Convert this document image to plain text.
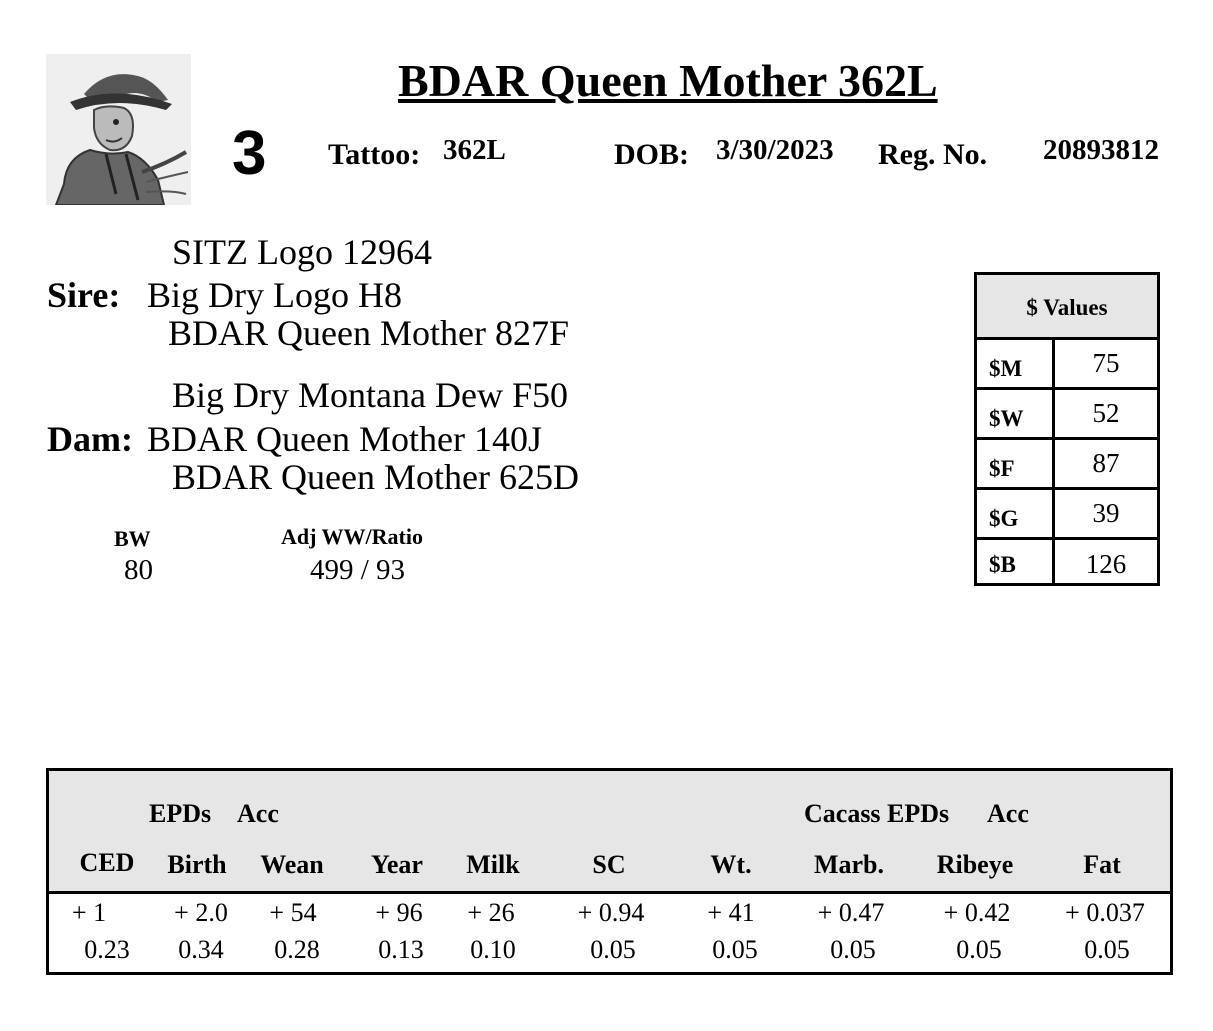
BDAR Queen Mother 362L
3 Tattoo: 362L	DOB: 3/30/2023 Reg. No. 20893812
SITZ Logo 12964
Sire: Big Dry Logo H8
BDAR Queen Mother 827F
Big Dry Montana Dew F50
Dam: BDAR Queen Mother 140J
BDAR Queen Mother 625D
BW
80
Adj WW/Ratio
499 / 93
$ Values
$M	75
$W	52
$F	87
$G	39
$B	126
EPDs Acc	Cacass EPDs Acc
CED	Birth	Wean	Year	Milk	SC	Wt.	Marb.	Ribeye	Fat
+ 1	+ 2.0	+ 54	+ 96	+ 26	+ 0.94	+ 41	+ 0.47	+ 0.42	+ 0.037
0.23	0.34	0.28	0.13	0.10	0.05	0.05	0.05	0.05	0.05
